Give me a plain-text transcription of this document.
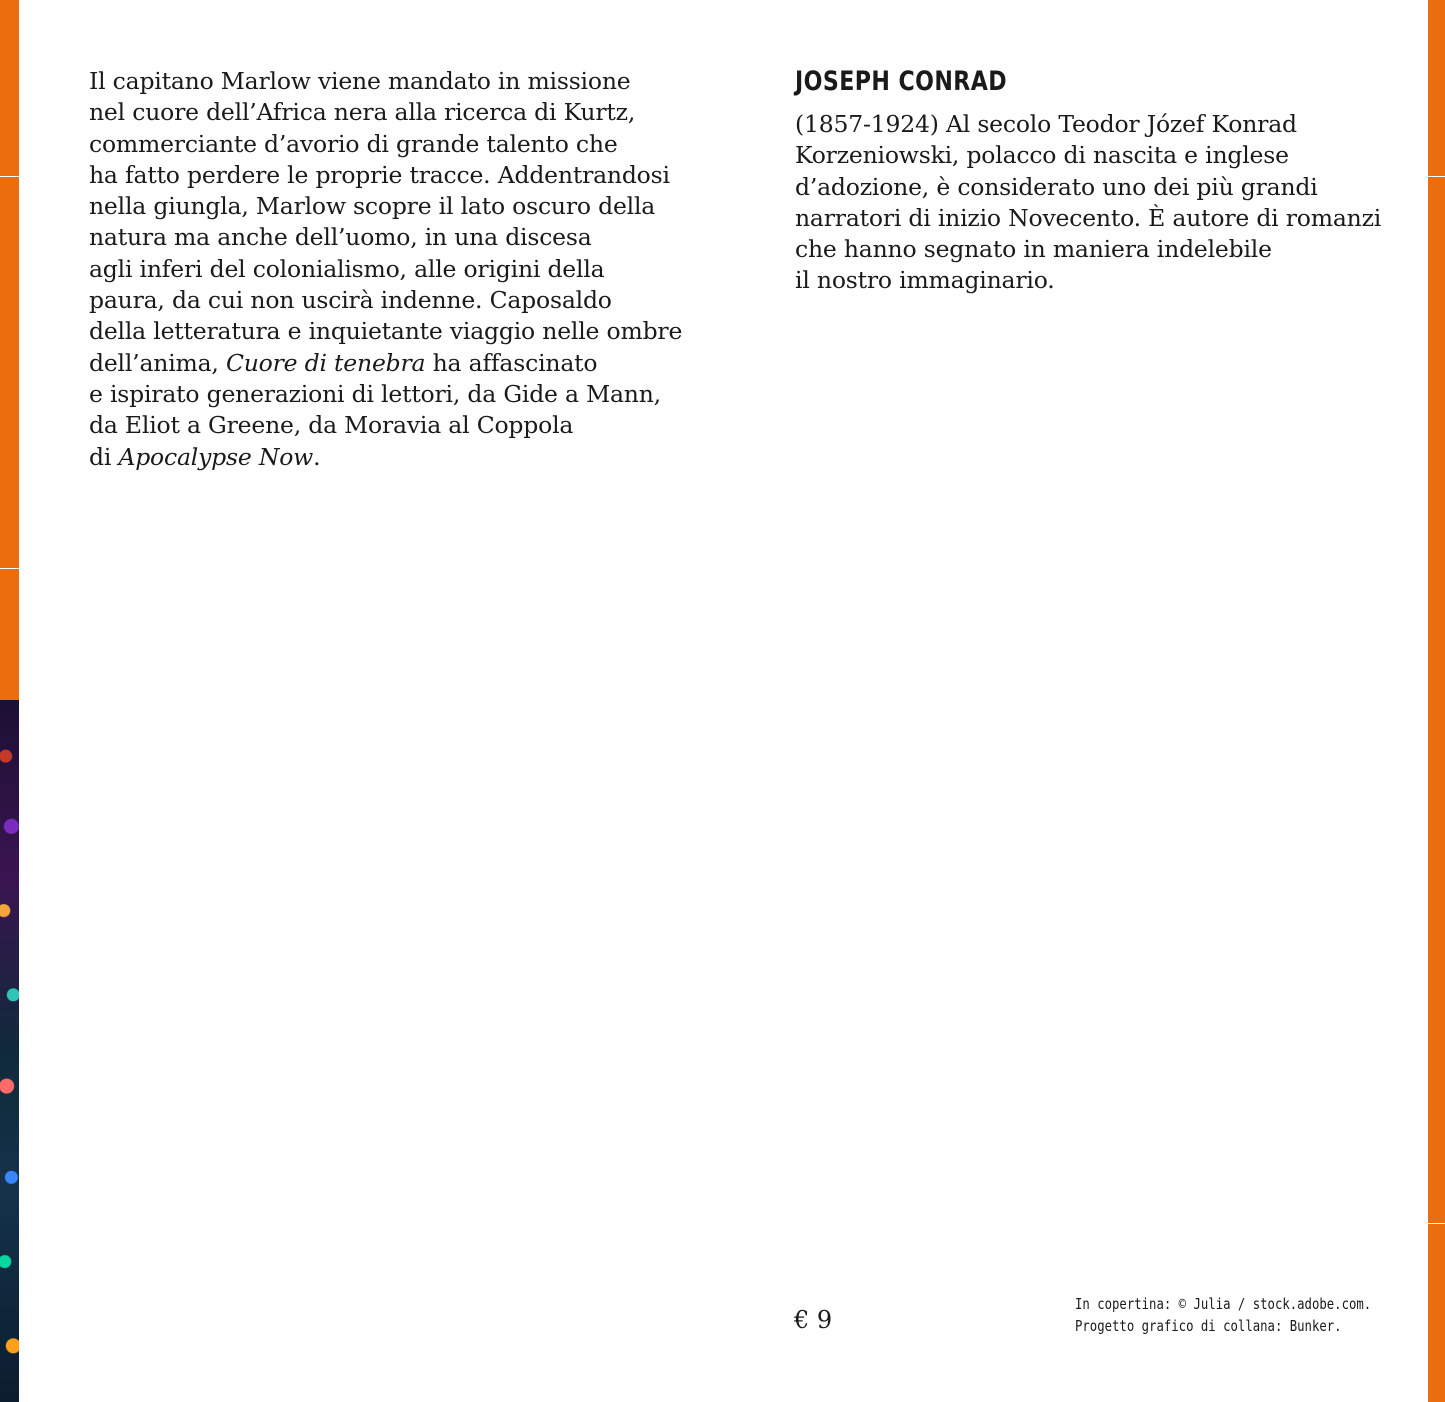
Il capitano Marlow viene mandato in missione
nel cuore dell’Africa nera alla ricerca di Kurtz,
commerciante d’avorio di grande talento che
ha fatto perdere le proprie tracce. Addentrandosi
nella giungla, Marlow scopre il lato oscuro della
natura ma anche dell’uomo, in una discesa
agli inferi del colonialismo, alle origini della
paura, da cui non uscirà indenne. Caposaldo
della letteratura e inquietante viaggio nelle ombre
dell’anima, Cuore di tenebra ha affascinato
e ispirato generazioni di lettori, da Gide a Mann,
da Eliot a Greene, da Moravia al Coppola
di Apocalypse Now.
JOSEPH CONRAD
(1857-1924) Al secolo Teodor Józef Konrad
Korzeniowski, polacco di nascita e inglese
d’adozione, è considerato uno dei più grandi
narratori di inizio Novecento. È autore di romanzi
che hanno segnato in maniera indelebile
il nostro immaginario.
€ 9
In copertina: © Julia / stock.adobe.com.
Progetto grafico di collana: Bunker.
